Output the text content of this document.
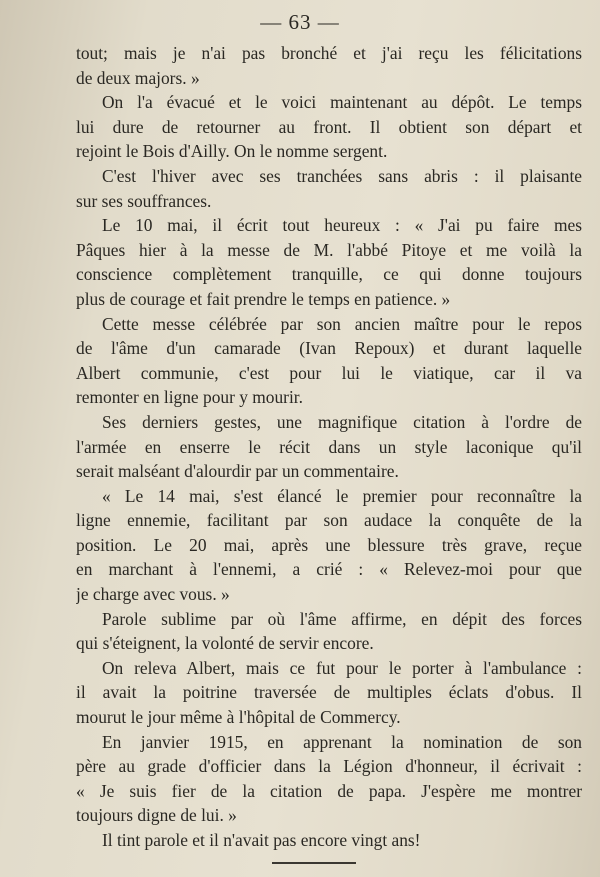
— 63 —
tout; mais je n'ai pas bronché et j'ai reçu les félicitations
de deux majors. »
On l'a évacué et le voici maintenant au dépôt. Le temps
lui dure de retourner au front. Il obtient son départ et
rejoint le Bois d'Ailly. On le nomme sergent.
C'est l'hiver avec ses tranchées sans abris : il plaisante
sur ses souffrances.
Le 10 mai, il écrit tout heureux : « J'ai pu faire mes
Pâques hier à la messe de M. l'abbé Pitoye et me voilà la
conscience complètement tranquille, ce qui donne toujours
plus de courage et fait prendre le temps en patience. »
Cette messe célébrée par son ancien maître pour le repos
de l'âme d'un camarade (Ivan Repoux) et durant laquelle
Albert communie, c'est pour lui le viatique, car il va
remonter en ligne pour y mourir.
Ses derniers gestes, une magnifique citation à l'ordre de
l'armée en enserre le récit dans un style laconique qu'il
serait malséant d'alourdir par un commentaire.
« Le 14 mai, s'est élancé le premier pour reconnaître la
ligne ennemie, facilitant par son audace la conquête de la
position. Le 20 mai, après une blessure très grave, reçue
en marchant à l'ennemi, a crié : « Relevez-moi pour que
je charge avec vous. »
Parole sublime par où l'âme affirme, en dépit des forces
qui s'éteignent, la volonté de servir encore.
On releva Albert, mais ce fut pour le porter à l'ambulance :
il avait la poitrine traversée de multiples éclats d'obus. Il
mourut le jour même à l'hôpital de Commercy.
En janvier 1915, en apprenant la nomination de son
père au grade d'officier dans la Légion d'honneur, il écrivait :
« Je suis fier de la citation de papa. J'espère me montrer
toujours digne de lui. »
Il tint parole et il n'avait pas encore vingt ans!
